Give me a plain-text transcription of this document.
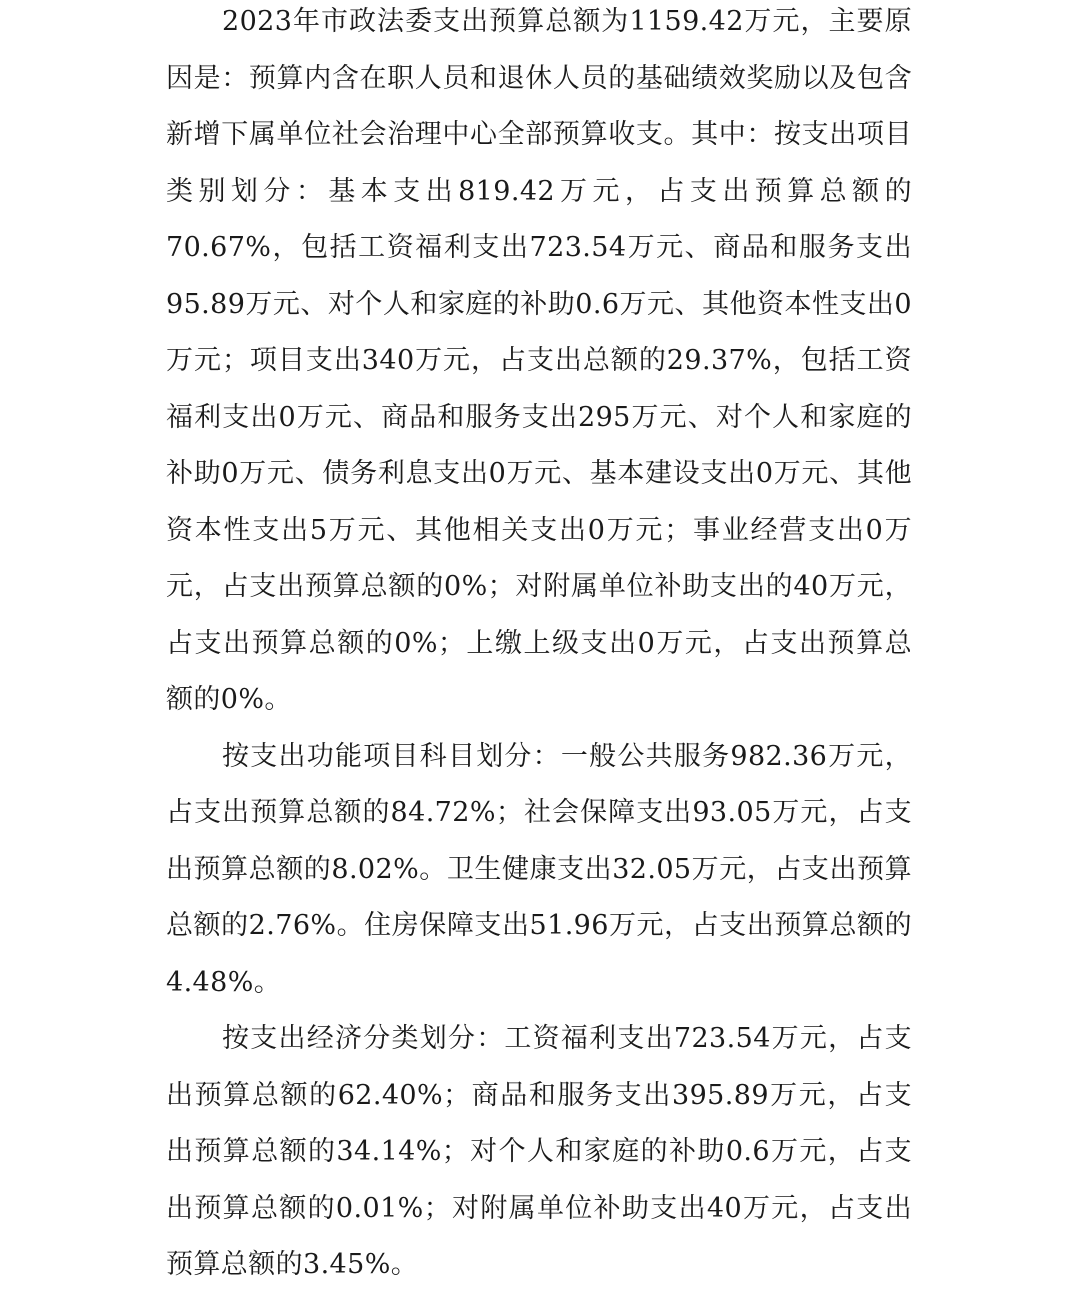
2023年市政法委支出预算总额为1159.42万元，主要原因是：预算内含在职人员和退休人员的基础绩效奖励以及包含新增下属单位社会治理中心全部预算收支。其中：按支出项目类别划分：基本支出819.42万元，占支出预算总额的70.67%，包括工资福利支出723.54万元、商品和服务支出95.89万元、对个人和家庭的补助0.6万元、其他资本性支出0万元；项目支出340万元，占支出总额的29.37%，包括工资福利支出0万元、商品和服务支出295万元、对个人和家庭的补助0万元、债务利息支出0万元、基本建设支出0万元、其他资本性支出5万元、其他相关支出0万元；事业经营支出0万元，占支出预算总额的0%；对附属单位补助支出的40万元，占支出预算总额的0%；上缴上级支出0万元，占支出预算总额的0%。

按支出功能项目科目划分：一般公共服务982.36万元，占支出预算总额的84.72%；社会保障支出93.05万元，占支出预算总额的8.02%。卫生健康支出32.05万元，占支出预算总额的2.76%。住房保障支出51.96万元，占支出预算总额的4.48%。

按支出经济分类划分：工资福利支出723.54万元，占支出预算总额的62.40%；商品和服务支出395.89万元，占支出预算总额的34.14%；对个人和家庭的补助0.6万元，占支出预算总额的0.01%；对附属单位补助支出40万元，占支出预算总额的3.45%。
